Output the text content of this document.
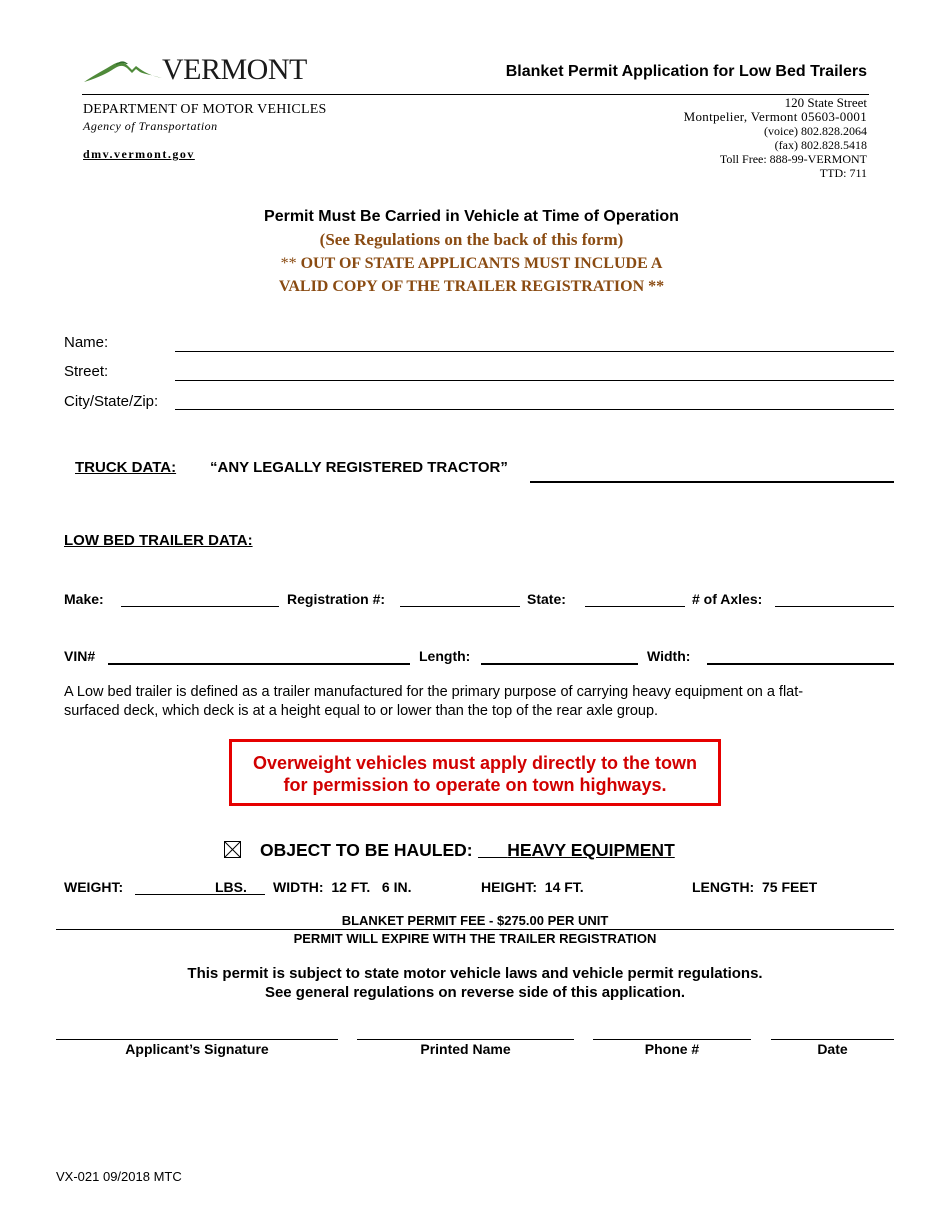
VERMONT	Blanket Permit Application for Low Bed Trailers
DEPARTMENT OF MOTOR VEHICLES
Agency of Transportation
dmv.vermont.gov
120 State Street
Montpelier, Vermont 05603-0001
(voice) 802.828.2064
(fax) 802.828.5418
Toll Free: 888-99-VERMONT
TTD: 711
Permit Must Be Carried in Vehicle at Time of Operation
(See Regulations on the back of this form)
** OUT OF STATE APPLICANTS MUST INCLUDE A
VALID COPY OF THE TRAILER REGISTRATION **
Name:
Street:
City/State/Zip:
TRUCK DATA: “ANY LEGALLY REGISTERED TRACTOR”
LOW BED TRAILER DATA:
Make:	Registration #:	State:	# of Axles:
VIN#	Length:	Width:
A Low bed trailer is defined as a trailer manufactured for the primary purpose of carrying heavy equipment on a flat-
surfaced deck, which deck is at a height equal to or lower than the top of the rear axle group.
Overweight vehicles must apply directly to the town
for permission to operate on town highways.
OBJECT TO BE HAULED:	HEAVY EQUIPMENT
WEIGHT:	LBS. WIDTH:  12 FT.   6 IN.	HEIGHT:  14 FT.	LENGTH:  75 FEET
BLANKET PERMIT FEE - $275.00 PER UNIT
PERMIT WILL EXPIRE WITH THE TRAILER REGISTRATION
This permit is subject to state motor vehicle laws and vehicle permit regulations.
See general regulations on reverse side of this application.
Applicant’s Signature	Printed Name	Phone #	Date
VX-021 09/2018 MTC
